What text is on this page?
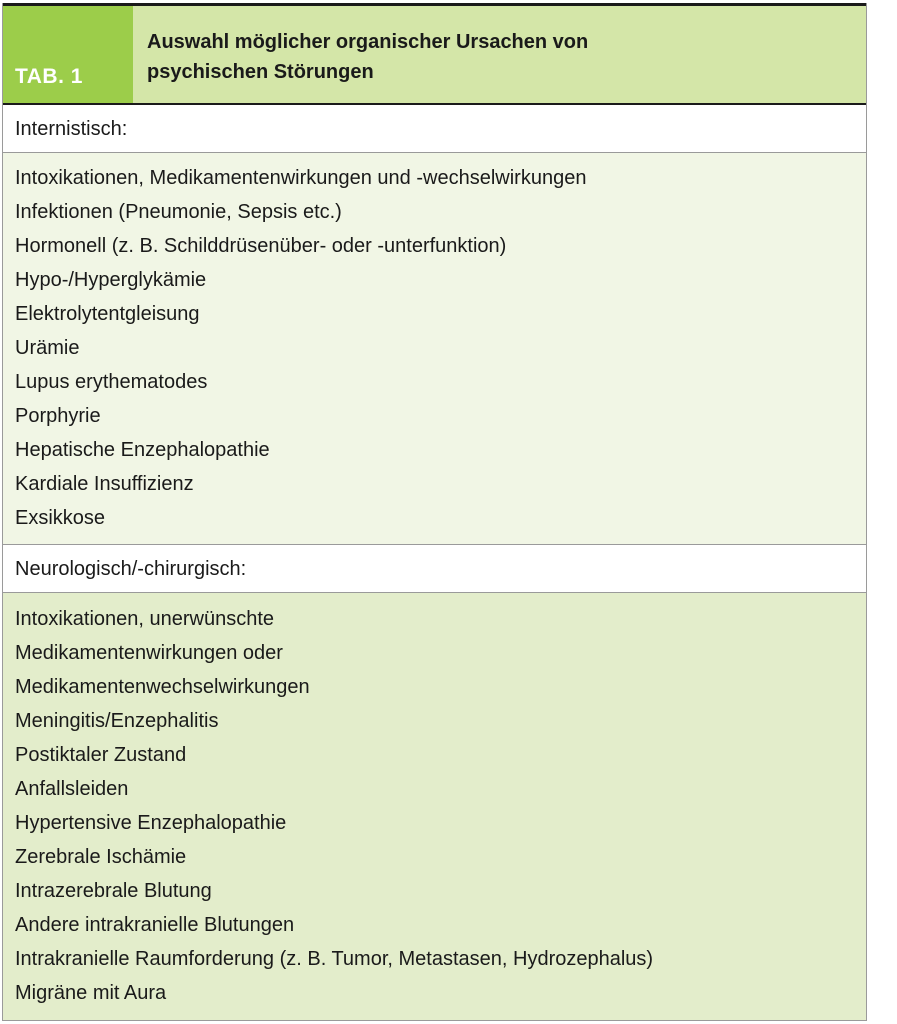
TAB. 1
Auswahl möglicher organischer Ursachen von
psychischen Störungen
Internistisch:
Intoxikationen, Medikamentenwirkungen und -wechselwirkungen
Infektionen (Pneumonie, Sepsis etc.)
Hormonell (z. B. Schilddrüsenüber- oder -unterfunktion)
Hypo-/Hyperglykämie
Elektrolytentgleisung
Urämie
Lupus erythematodes
Porphyrie
Hepatische Enzephalopathie
Kardiale Insuffizienz
Exsikkose
Neurologisch/-chirurgisch:
Intoxikationen, unerwünschte
Medikamentenwirkungen oder
Medikamentenwechselwirkungen
Meningitis/Enzephalitis
Postiktaler Zustand
Anfallsleiden
Hypertensive Enzephalopathie
Zerebrale Ischämie
Intrazerebrale Blutung
Andere intrakranielle Blutungen
Intrakranielle Raumforderung (z. B. Tumor, Metastasen, Hydrozephalus)
Migräne mit Aura
